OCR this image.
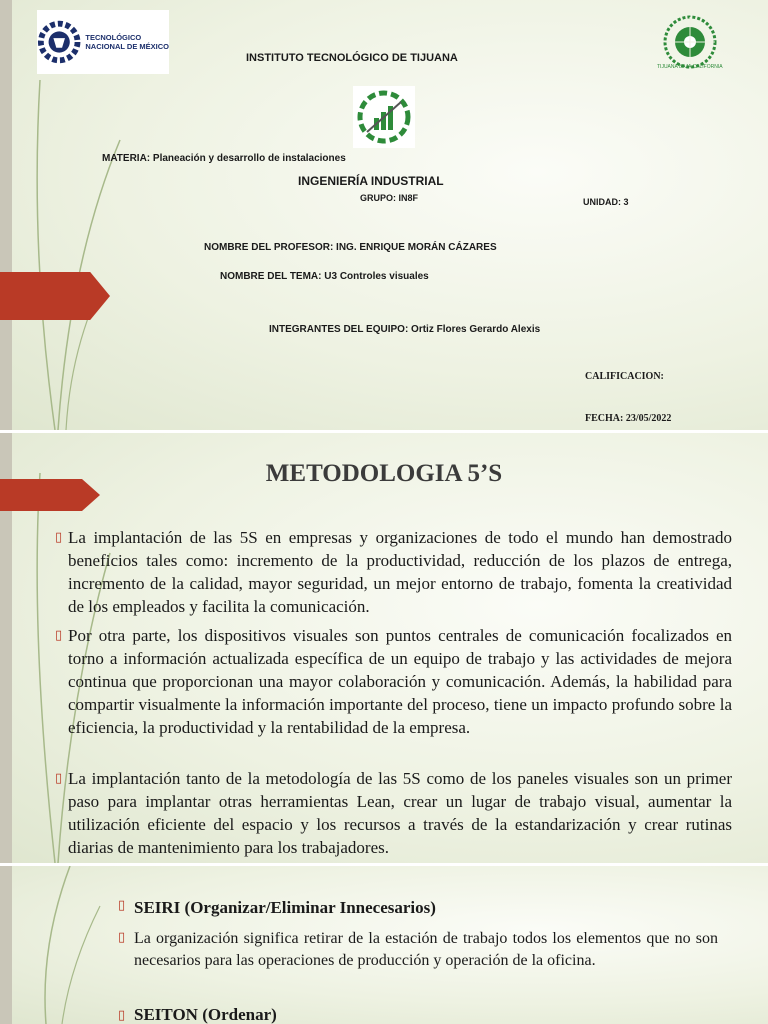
TECNOLÓGICO
NACIONAL DE MÉXICO
INSTITUTO TECNOLÓGICO DE TIJUANA
TIJUANA BAJA CALIFORNIA
MATERIA: Planeación y desarrollo de instalaciones
INGENIERÍA INDUSTRIAL
GRUPO: IN8F	UNIDAD: 3
NOMBRE DEL PROFESOR: ING. ENRIQUE MORÁN CÁZARES
NOMBRE DEL TEMA: U3 Controles visuales
INTEGRANTES DEL EQUIPO: Ortiz Flores Gerardo Alexis
CALIFICACION:
FECHA: 23/05/2022
METODOLOGIA 5’S
▯ La implantación de las 5S en empresas y organizaciones de todo el mundo han demostrado beneficios tales como: incremento de la productividad, reducción de los plazos de entrega, incremento de la calidad, mayor seguridad, un mejor entorno de trabajo, fomenta la creatividad de los empleados y facilita la comunicación.
▯ Por otra parte, los dispositivos visuales son puntos centrales de comunicación focalizados en torno a información actualizada específica de un equipo de trabajo y las actividades de mejora continua que proporcionan una mayor colaboración y comunicación. Además, la habilidad para compartir visualmente la información importante del proceso, tiene un impacto profundo sobre la eficiencia, la productividad y la rentabilidad de la empresa.
▯ La implantación tanto de la metodología de las 5S como de los paneles visuales son un primer paso para implantar otras herramientas Lean, crear un lugar de trabajo visual, aumentar la utilización eficiente del espacio y los recursos a través de la estandarización y crear rutinas diarias de mantenimiento para los trabajadores.
▯ SEIRI (Organizar/Eliminar Innecesarios)
▯ La organización significa retirar de la estación de trabajo todos los elementos que no son necesarios para las operaciones de producción y operación de la oficina.
▯ SEITON (Ordenar)
